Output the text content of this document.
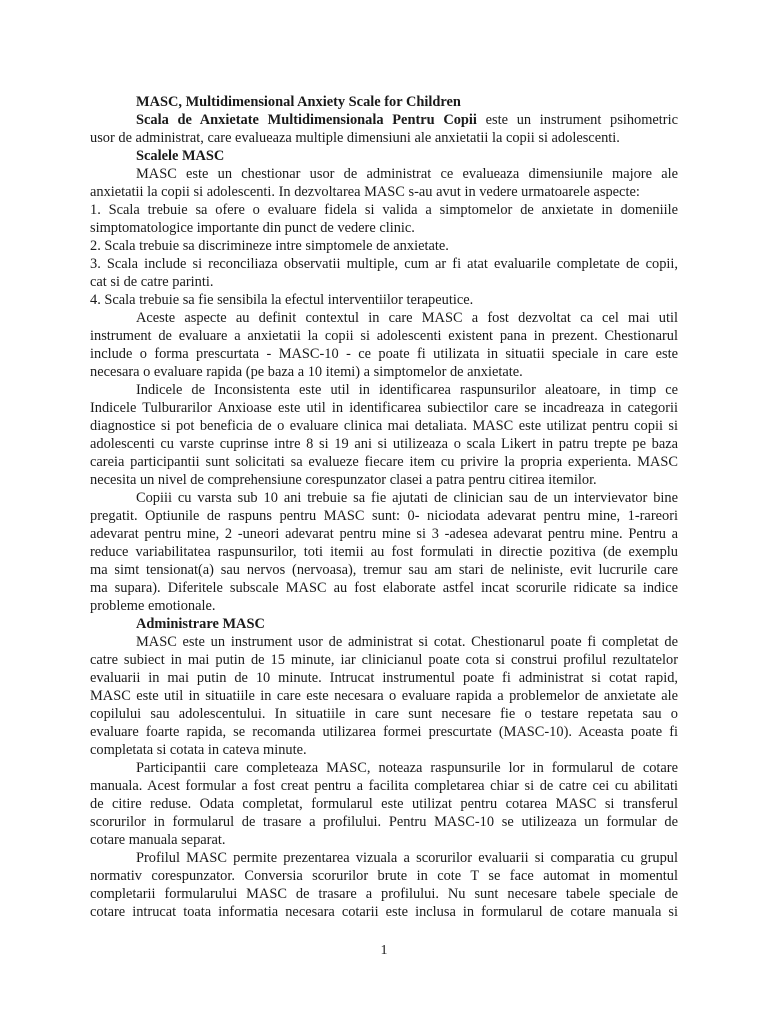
MASC, Multidimensional Anxiety Scale for Children
Scala de Anxietate Multidimensionala Pentru Copii este un instrument psihometric
usor de administrat, care evalueaza multiple dimensiuni ale anxietatii la copii si adolescenti.
Scalele MASC
MASC este un chestionar usor de administrat ce evalueaza dimensiunile majore ale
anxietatii la copii si adolescenti. In dezvoltarea MASC s-au avut in vedere urmatoarele aspecte:
1. Scala trebuie sa ofere o evaluare fidela si valida a simptomelor de anxietate in domeniile
simptomatologice importante din punct de vedere clinic.
2. Scala trebuie sa discrimineze intre simptomele de anxietate.
3. Scala include si reconciliaza observatii multiple, cum ar fi atat evaluarile completate de copii,
cat si de catre parinti.
4. Scala trebuie sa fie sensibila la efectul interventiilor terapeutice.
Aceste aspecte au definit contextul in care MASC a fost dezvoltat ca cel mai util
instrument de evaluare a anxietatii la copii si adolescenti existent pana in prezent. Chestionarul
include o forma prescurtata - MASC-10 - ce poate fi utilizata in situatii speciale in care este
necesara o evaluare rapida (pe baza a 10 itemi) a simptomelor de anxietate.
Indicele de Inconsistenta este util in identificarea raspunsurilor aleatoare, in timp ce
Indicele Tulburarilor Anxioase este util in identificarea subiectilor care se incadreaza in categorii
diagnostice si pot beneficia de o evaluare clinica mai detaliata. MASC este utilizat pentru copii si
adolescenti cu varste cuprinse intre 8 si 19 ani si utilizeaza o scala Likert in patru trepte pe baza
careia participantii sunt solicitati sa evalueze fiecare item cu privire la propria experienta. MASC
necesita un nivel de comprehensiune corespunzator clasei a patra pentru citirea itemilor.
Copiii cu varsta sub 10 ani trebuie sa fie ajutati de clinician sau de un intervievator bine
pregatit. Optiunile de raspuns pentru MASC sunt: 0- niciodata adevarat pentru mine, 1-rareori
adevarat pentru mine, 2 -uneori adevarat pentru mine si 3 -adesea adevarat pentru mine. Pentru a
reduce variabilitatea raspunsurilor, toti itemii au fost formulati in directie pozitiva (de exemplu
ma simt tensionat(a) sau nervos (nervoasa), tremur sau am stari de neliniste, evit lucrurile care
ma supara). Diferitele subscale MASC au fost elaborate astfel incat scorurile ridicate sa indice
probleme emotionale.
Administrare MASC
MASC este un instrument usor de administrat si cotat. Chestionarul poate fi completat de
catre subiect in mai putin de 15 minute, iar clinicianul poate cota si construi profilul rezultatelor
evaluarii in mai putin de 10 minute. Intrucat instrumentul poate fi administrat si cotat rapid,
MASC este util in situatiile in care este necesara o evaluare rapida a problemelor de anxietate ale
copilului sau adolescentului. In situatiile in care sunt necesare fie o testare repetata sau o
evaluare foarte rapida, se recomanda utilizarea formei prescurtate (MASC-10). Aceasta poate fi
completata si cotata in cateva minute.
Participantii care completeaza MASC, noteaza raspunsurile lor in formularul de cotare
manuala. Acest formular a fost creat pentru a facilita completarea chiar si de catre cei cu abilitati
de citire reduse. Odata completat, formularul este utilizat pentru cotarea MASC si transferul
scorurilor in formularul de trasare a profilului. Pentru MASC-10 se utilizeaza un formular de
cotare manuala separat.
Profilul MASC permite prezentarea vizuala a scorurilor evaluarii si comparatia cu grupul
normativ corespunzator. Conversia scorurilor brute in cote T se face automat in momentul
completarii formularului MASC de trasare a profilului. Nu sunt necesare tabele speciale de
cotare intrucat toata informatia necesara cotarii este inclusa in formularul de cotare manuala si
1
